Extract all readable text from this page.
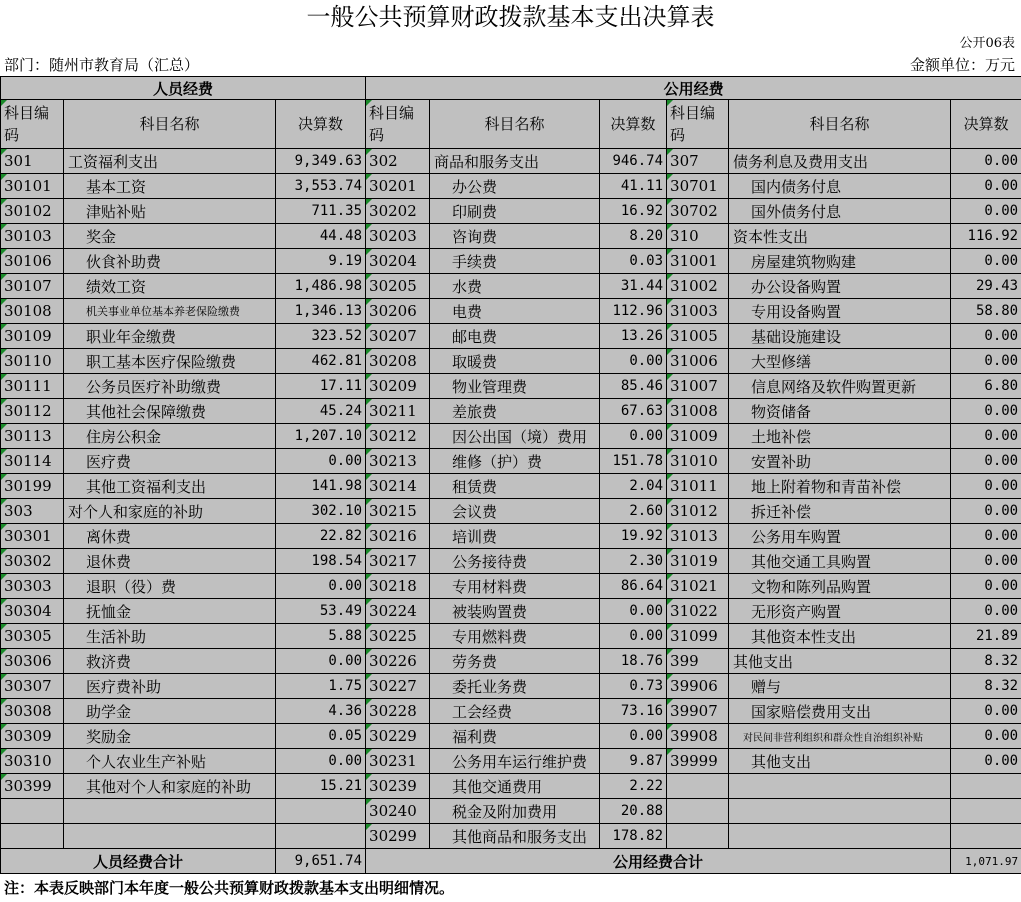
一般公共预算财政拨款基本支出决算表
公开06表
部门：随州市教育局（汇总）	金额单位：万元
人员经费			公用经费					
科目编码	科目名称	决算数	科目编码	科目名称	决算数	科目编码	科目名称	决算数
301	工资福利支出	9,349.63	302	商品和服务支出	946.74	307	债务利息及费用支出	0.00
30101	基本工资	3,553.74	30201	办公费	41.11	30701	国内债务付息	0.00
30102	津贴补贴	711.35	30202	印刷费	16.92	30702	国外债务付息	0.00
30103	奖金	44.48	30203	咨询费	8.20	310	资本性支出	116.92
30106	伙食补助费	9.19	30204	手续费	0.03	31001	房屋建筑物购建	0.00
30107	绩效工资	1,486.98	30205	水费	31.44	31002	办公设备购置	29.43
30108	机关事业单位基本养老保险缴费	1,346.13	30206	电费	112.96	31003	专用设备购置	58.80
30109	职业年金缴费	323.52	30207	邮电费	13.26	31005	基础设施建设	0.00
30110	职工基本医疗保险缴费	462.81	30208	取暖费	0.00	31006	大型修缮	0.00
30111	公务员医疗补助缴费	17.11	30209	物业管理费	85.46	31007	信息网络及软件购置更新	6.80
30112	其他社会保障缴费	45.24	30211	差旅费	67.63	31008	物资储备	0.00
30113	住房公积金	1,207.10	30212	因公出国（境）费用	0.00	31009	土地补偿	0.00
30114	医疗费	0.00	30213	维修（护）费	151.78	31010	安置补助	0.00
30199	其他工资福利支出	141.98	30214	租赁费	2.04	31011	地上附着物和青苗补偿	0.00
303	对个人和家庭的补助	302.10	30215	会议费	2.60	31012	拆迁补偿	0.00
30301	离休费	22.82	30216	培训费	19.92	31013	公务用车购置	0.00
30302	退休费	198.54	30217	公务接待费	2.30	31019	其他交通工具购置	0.00
30303	退职（役）费	0.00	30218	专用材料费	86.64	31021	文物和陈列品购置	0.00
30304	抚恤金	53.49	30224	被装购置费	0.00	31022	无形资产购置	0.00
30305	生活补助	5.88	30225	专用燃料费	0.00	31099	其他资本性支出	21.89
30306	救济费	0.00	30226	劳务费	18.76	399	其他支出	8.32
30307	医疗费补助	1.75	30227	委托业务费	0.73	39906	赠与	8.32
30308	助学金	4.36	30228	工会经费	73.16	39907	国家赔偿费用支出	0.00
30309	奖励金	0.05	30229	福利费	0.00	39908	对民间非营利组织和群众性自治组织补贴	0.00
30310	个人农业生产补贴	0.00	30231	公务用车运行维护费	9.87	39999	其他支出	0.00
30399	其他对个人和家庭的补助	15.21	30239	其他交通费用	2.22			
			30240	税金及附加费用	20.88			
			30299	其他商品和服务支出	178.82			
人员经费合计		9,651.74	公用经费合计					1,071.97
注：本表反映部门本年度一般公共预算财政拨款基本支出明细情况。
